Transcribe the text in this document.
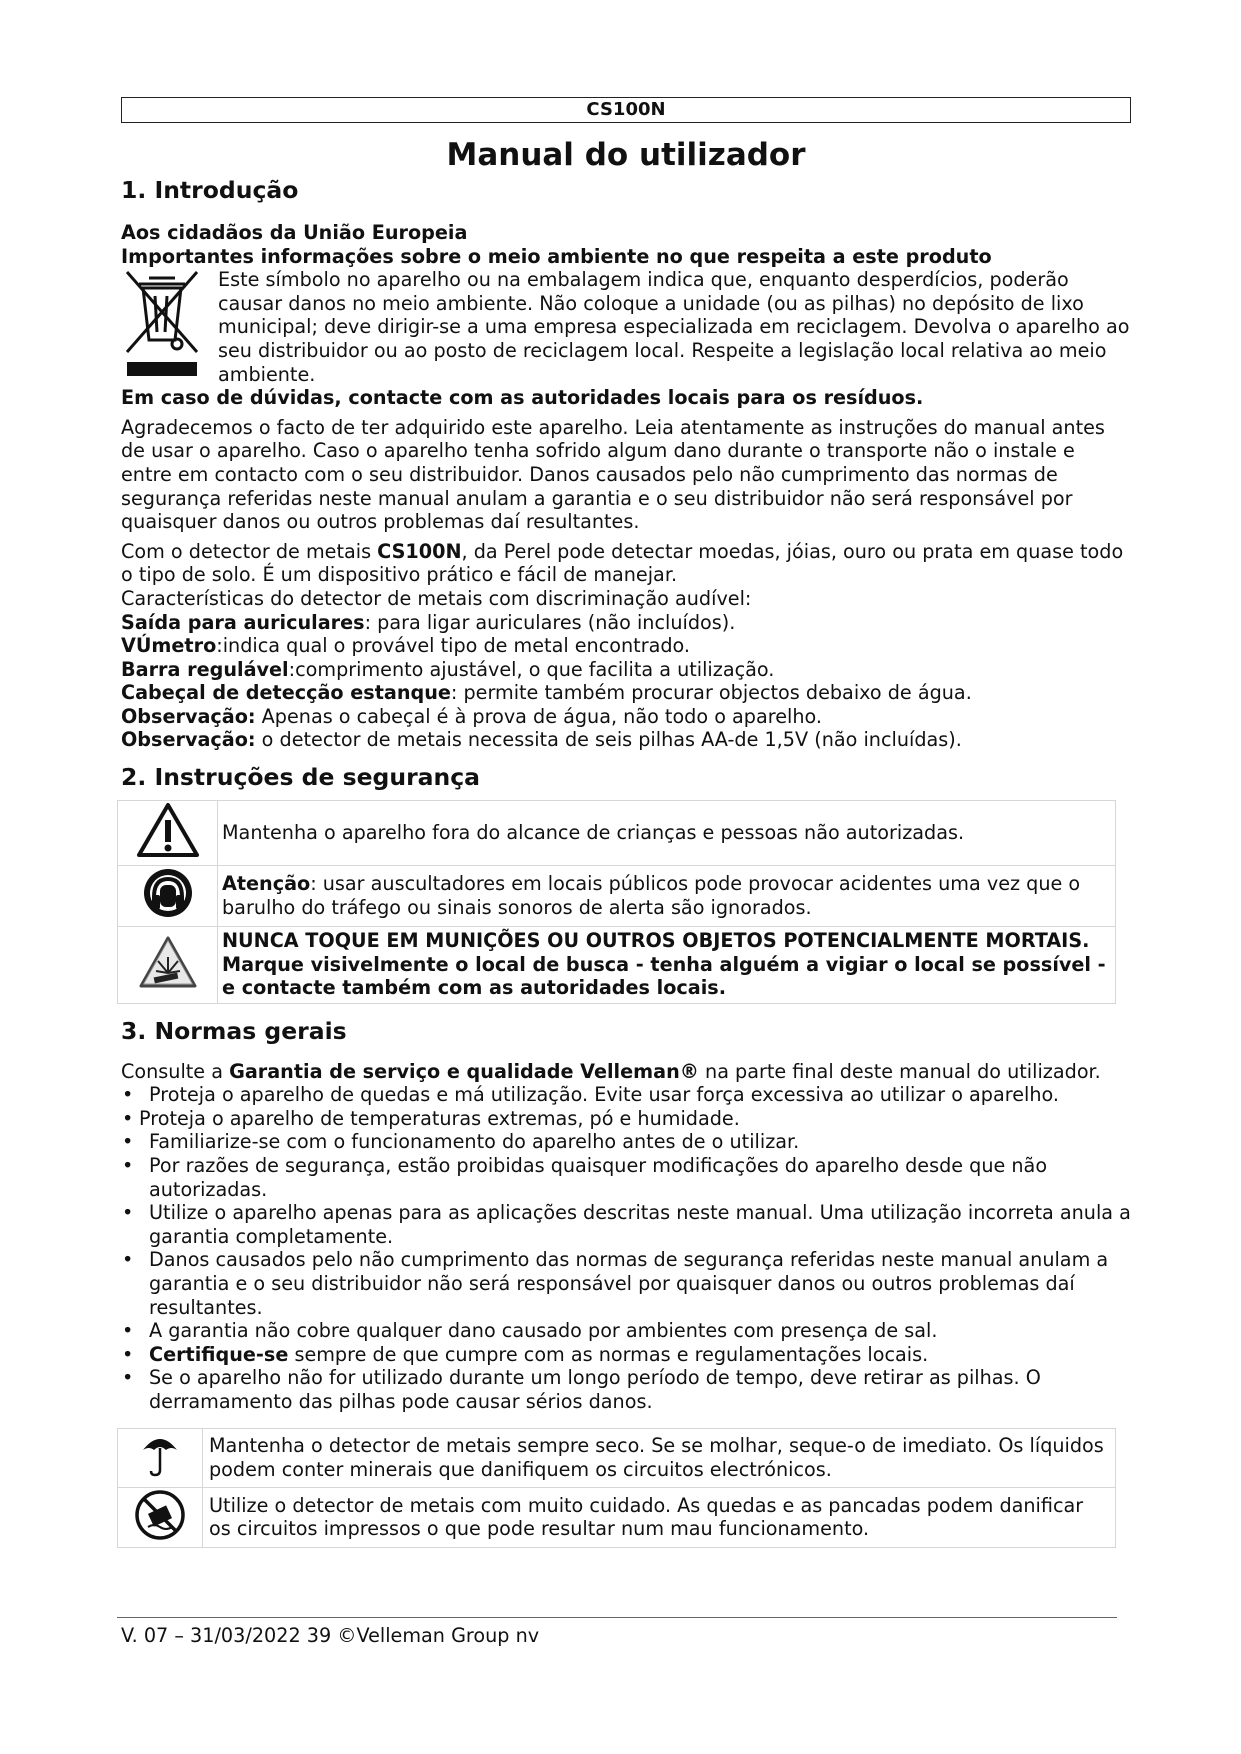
CS100N
Manual do utilizador
1. Introdução

Aos cidadãos da União Europeia

Importantes informações sobre o meio ambiente no que respeita a este produto

Este símbolo no aparelho ou na embalagem indica que, enquanto desperdícios, poderão causar danos no meio ambiente. Não coloque a unidade (ou as pilhas) no depósito de lixo municipal; deve dirigir-se a uma empresa especializada em reciclagem. Devolva o aparelho ao seu distribuidor ou ao posto de reciclagem local. Respeite a legislação local relativa ao meio ambiente.

Em caso de dúvidas, contacte com as autoridades locais para os resíduos.

Agradecemos o facto de ter adquirido este aparelho. Leia atentamente as instruções do manual antes de usar o aparelho. Caso o aparelho tenha sofrido algum dano durante o transporte não o instale e entre em contacto com o seu distribuidor. Danos causados pelo não cumprimento das normas de segurança referidas neste manual anulam a garantia e o seu distribuidor não será responsável por quaisquer danos ou outros problemas daí resultantes.

Com o detector de metais CS100N, da Perel pode detectar moedas, jóias, ouro ou prata em quase todo o tipo de solo. É um dispositivo prático e fácil de manejar.

Características do detector de metais com discriminação audível:

Saída para auriculares: para ligar auriculares (não incluídos).

VÚmetro:indica qual o provável tipo de metal encontrado.

Barra regulável:comprimento ajustável, o que facilita a utilização.

Cabeçal de detecção estanque: permite também procurar objectos debaixo de água.

Observação: Apenas o cabeçal é à prova de água, não todo o aparelho.

Observação: o detector de metais necessita de seis pilhas AA-de 1,5V (não incluídas).

2. Instruções de segurança
	Mantenha o aparelho fora do alcance de crianças e pessoas não autorizadas.
	Atenção: usar auscultadores em locais públicos pode provocar acidentes uma vez que o barulho do tráfego ou sinais sonoros de alerta são ignorados.
	NUNCA TOQUE EM MUNIÇÕES OU OUTROS OBJETOS POTENCIALMENTE MORTAIS. Marque visivelmente o local de busca - tenha alguém a vigiar o local se possível - e contacte também com as autoridades locais.
3. Normas gerais

Consulte a Garantia de serviço e qualidade Velleman® na parte final deste manual do utilizador.

• Proteja o aparelho de quedas e má utilização. Evite usar força excessiva ao utilizar o aparelho.
• Proteja o aparelho de temperaturas extremas, pó e humidade.
• Familiarize-se com o funcionamento do aparelho antes de o utilizar.
• Por razões de segurança, estão proibidas quaisquer modificações do aparelho desde que não autorizadas.
• Utilize o aparelho apenas para as aplicações descritas neste manual. Uma utilização incorreta anula a garantia completamente.
• Danos causados pelo não cumprimento das normas de segurança referidas neste manual anulam a garantia e o seu distribuidor não será responsável por quaisquer danos ou outros problemas daí resultantes.
• A garantia não cobre qualquer dano causado por ambientes com presença de sal.
• Certifique-se sempre de que cumpre com as normas e regulamentações locais.
• Se o aparelho não for utilizado durante um longo período de tempo, deve retirar as pilhas. O derramamento das pilhas pode causar sérios danos.
	Mantenha o detector de metais sempre seco. Se se molhar, seque-o de imediato. Os líquidos podem conter minerais que danifiquem os circuitos electrónicos.
	Utilize o detector de metais com muito cuidado. As quedas e as pancadas podem danificar os circuitos impressos o que pode resultar num mau funcionamento.
V. 07 – 31/03/2022 39 ©Velleman Group nv
